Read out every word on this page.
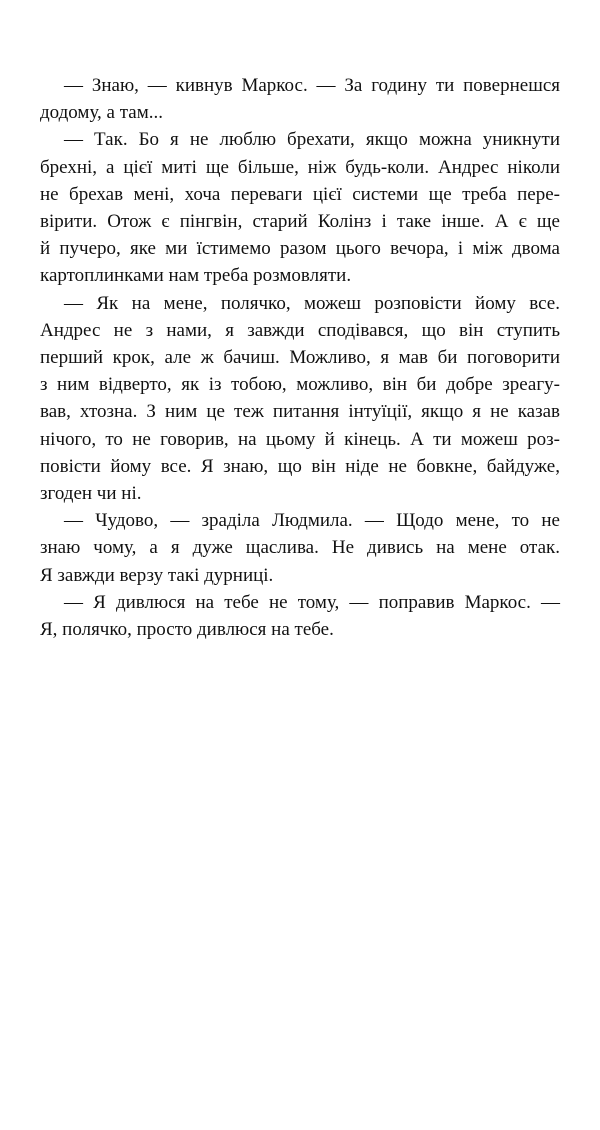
— Знаю, — кивнув Маркос. — За годину ти повернешся
додому, а там...
— Так. Бо я не люблю брехати, якщо можна уникнути
брехні, а цієї миті ще більше, ніж будь-коли. Андрес ніколи
не брехав мені, хоча переваги цієї системи ще треба пере-
вірити. Отож є пінгвін, старий Колінз і таке інше. А є ще
й пучеро, яке ми їстимемо разом цього вечора, і між двома
картоплинками нам треба розмовляти.
— Як на мене, полячко, можеш розповісти йому все.
Андрес не з нами, я завжди сподівався, що він ступить
перший крок, але ж бачиш. Можливо, я мав би поговорити
з ним відверто, як із тобою, можливо, він би добре зреагу-
вав, хтозна. З ним це теж питання інтуїції, якщо я не казав
нічого, то не говорив, на цьому й кінець. А ти можеш роз-
повісти йому все. Я знаю, що він ніде не бовкне, байдуже,
згоден чи ні.
— Чудово, — зраділа Людмила. — Щодо мене, то не
знаю чому, а я дуже щаслива. Не дивись на мене отак.
Я завжди верзу такі дурниці.
— Я дивлюся на тебе не тому, — поправив Маркос. —
Я, полячко, просто дивлюся на тебе.
